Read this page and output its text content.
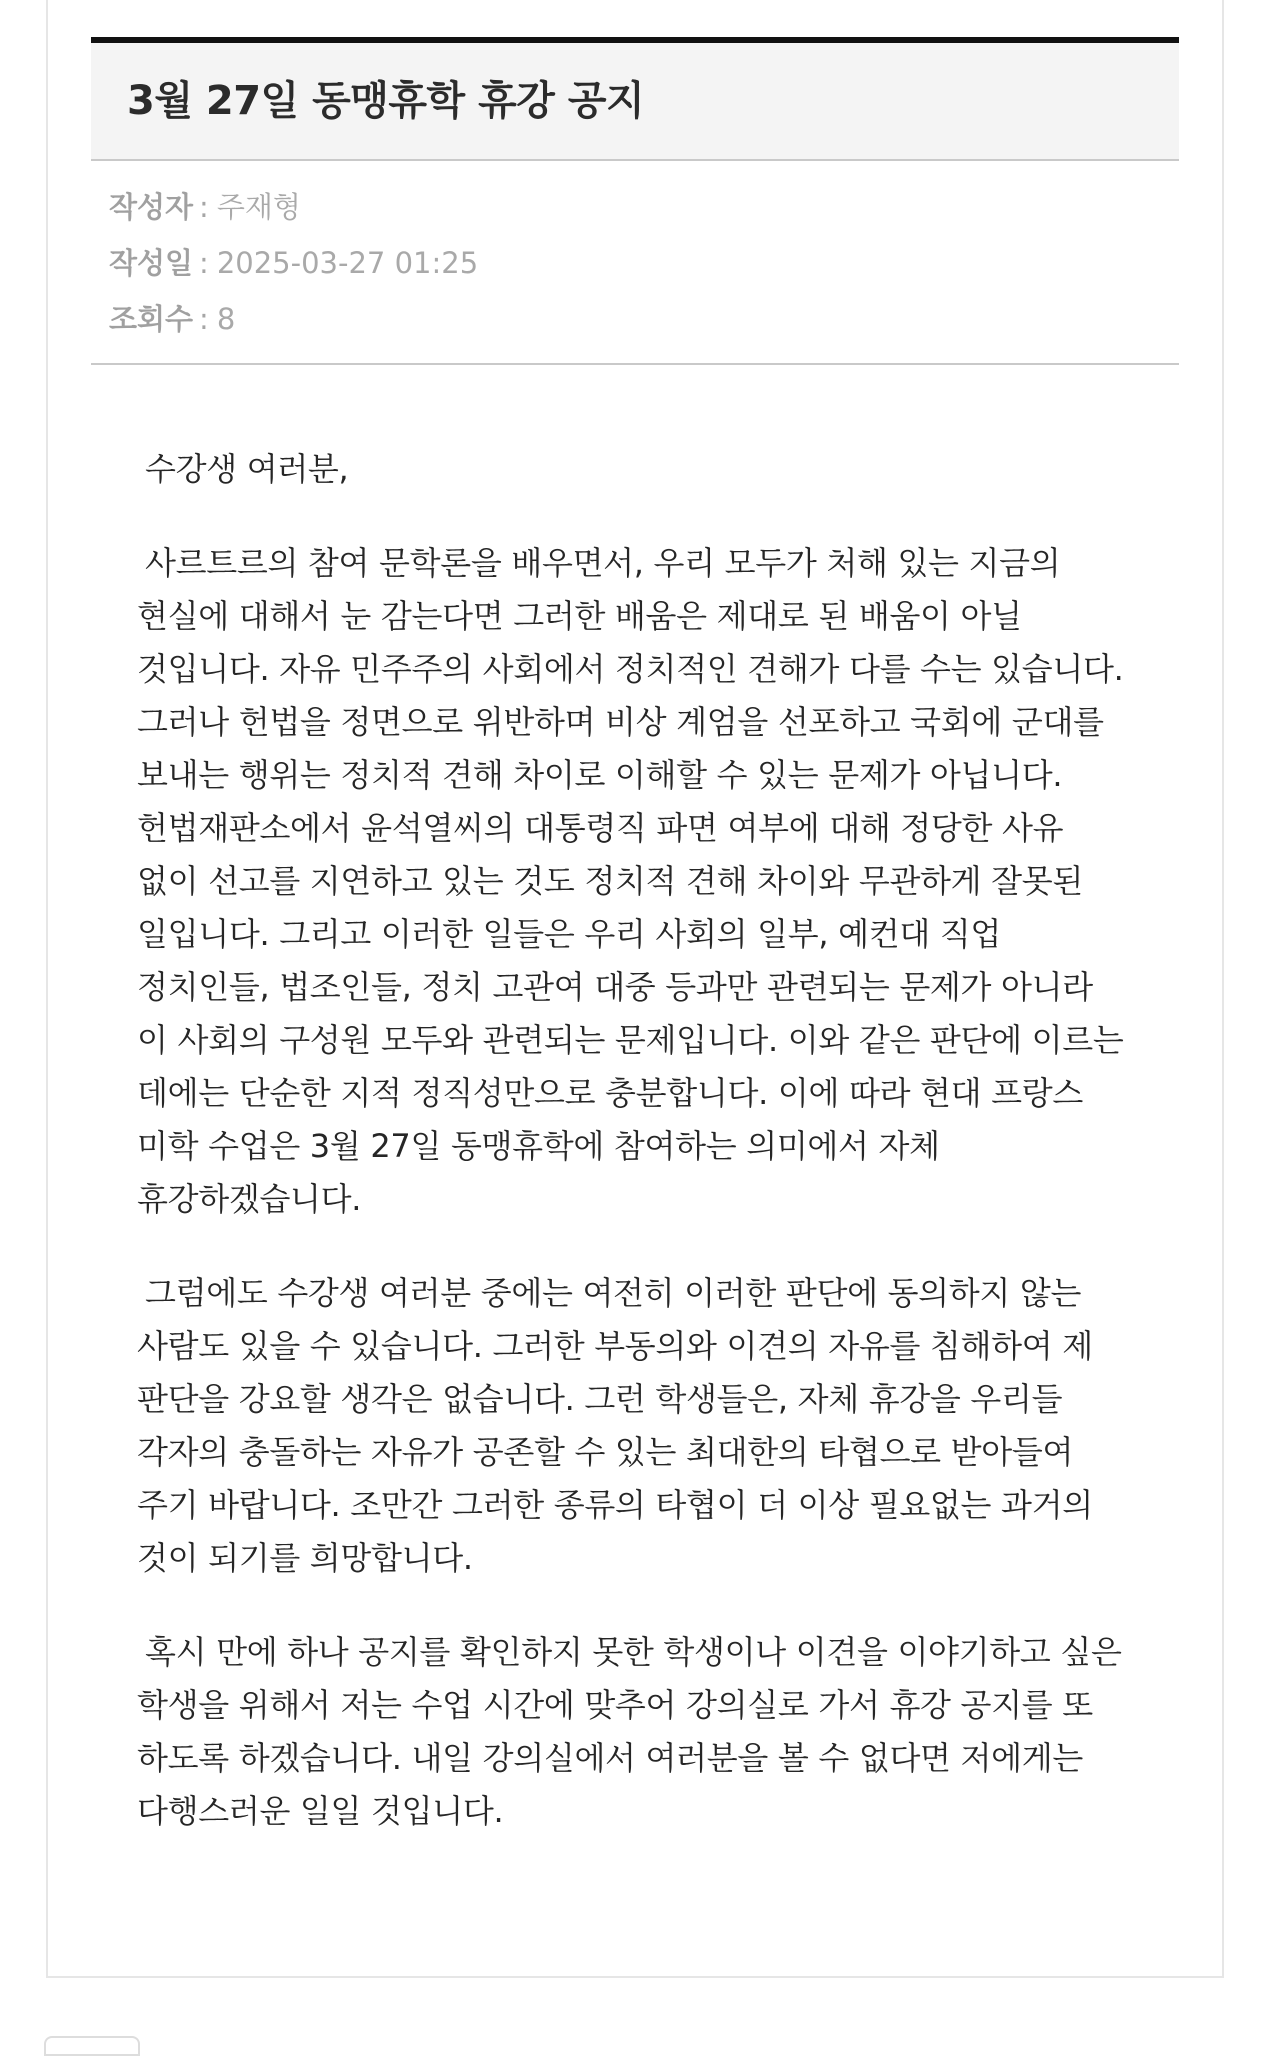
3월 27일 동맹휴학 휴강 공지
작성자 : 주재형
작성일 : 2025-03-27 01:25
조회수 : 8

수강생 여러분,

사르트르의 참여 문학론을 배우면서, 우리 모두가 처해 있는 지금의 현실에 대해서 눈 감는다면 그러한 배움은 제대로 된 배움이 아닐 것입니다. 자유 민주주의 사회에서 정치적인 견해가 다를 수는 있습니다. 그러나 헌법을 정면으로 위반하며 비상 계엄을 선포하고 국회에 군대를 보내는 행위는 정치적 견해 차이로 이해할 수 있는 문제가 아닙니다. 헌법재판소에서 윤석열씨의 대통령직 파면 여부에 대해 정당한 사유 없이 선고를 지연하고 있는 것도 정치적 견해 차이와 무관하게 잘못된 일입니다. 그리고 이러한 일들은 우리 사회의 일부, 예컨대 직업 정치인들, 법조인들, 정치 고관여 대중 등과만 관련되는 문제가 아니라 이 사회의 구성원 모두와 관련되는 문제입니다. 이와 같은 판단에 이르는 데에는 단순한 지적 정직성만으로 충분합니다. 이에 따라 현대 프랑스 미학 수업은 3월 27일 동맹휴학에 참여하는 의미에서 자체 휴강하겠습니다.

그럼에도 수강생 여러분 중에는 여전히 이러한 판단에 동의하지 않는 사람도 있을 수 있습니다. 그러한 부동의와 이견의 자유를 침해하여 제 판단을 강요할 생각은 없습니다. 그런 학생들은, 자체 휴강을 우리들 각자의 충돌하는 자유가 공존할 수 있는 최대한의 타협으로 받아들여 주기 바랍니다. 조만간 그러한 종류의 타협이 더 이상 필요없는 과거의 것이 되기를 희망합니다.

혹시 만에 하나 공지를 확인하지 못한 학생이나 이견을 이야기하고 싶은 학생을 위해서 저는 수업 시간에 맞추어 강의실로 가서 휴강 공지를 또 하도록 하겠습니다. 내일 강의실에서 여러분을 볼 수 없다면 저에게는 다행스러운 일일 것입니다.
